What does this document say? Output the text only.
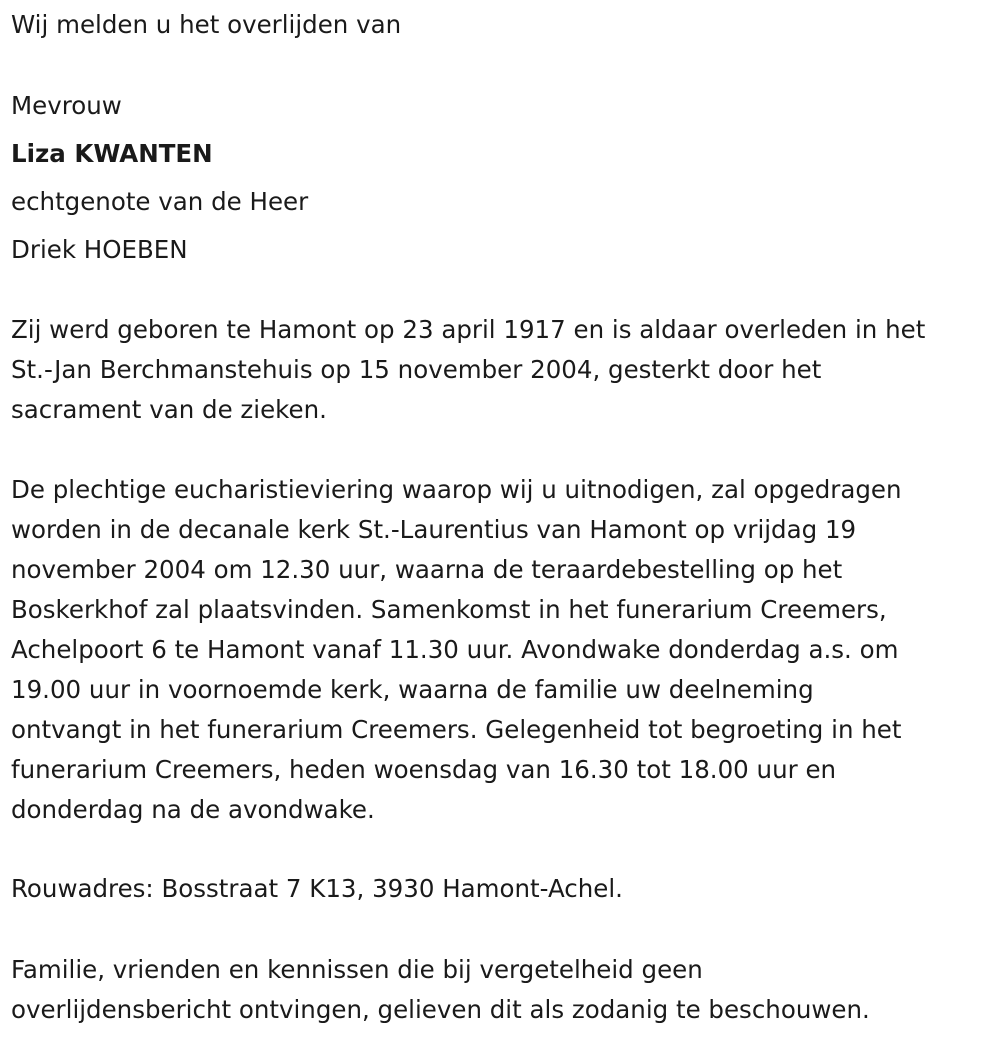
Wij melden u het overlijden van

Mevrouw

Liza KWANTEN

echtgenote van de Heer

Driek HOEBEN

Zij werd geboren te Hamont op 23 april 1917 en is aldaar overleden in het
St.-Jan Berchmanstehuis op 15 november 2004, gesterkt door het
sacrament van de zieken.
De plechtige eucharistieviering waarop wij u uitnodigen, zal opgedragen
worden in de decanale kerk St.-Laurentius van Hamont op vrijdag 19
november 2004 om 12.30 uur, waarna de teraardebestelling op het
Boskerkhof zal plaatsvinden. Samenkomst in het funerarium Creemers,
Achelpoort 6 te Hamont vanaf 11.30 uur. Avondwake donderdag a.s. om
19.00 uur in voornoemde kerk, waarna de familie uw deelneming
ontvangt in het funerarium Creemers. Gelegenheid tot begroeting in het
funerarium Creemers, heden woensdag van 16.30 tot 18.00 uur en
donderdag na de avondwake.

Rouwadres: Bosstraat 7 K13, 3930 Hamont-Achel.

Familie, vrienden en kennissen die bij vergetelheid geen
overlijdensbericht ontvingen, gelieven dit als zodanig te beschouwen.
